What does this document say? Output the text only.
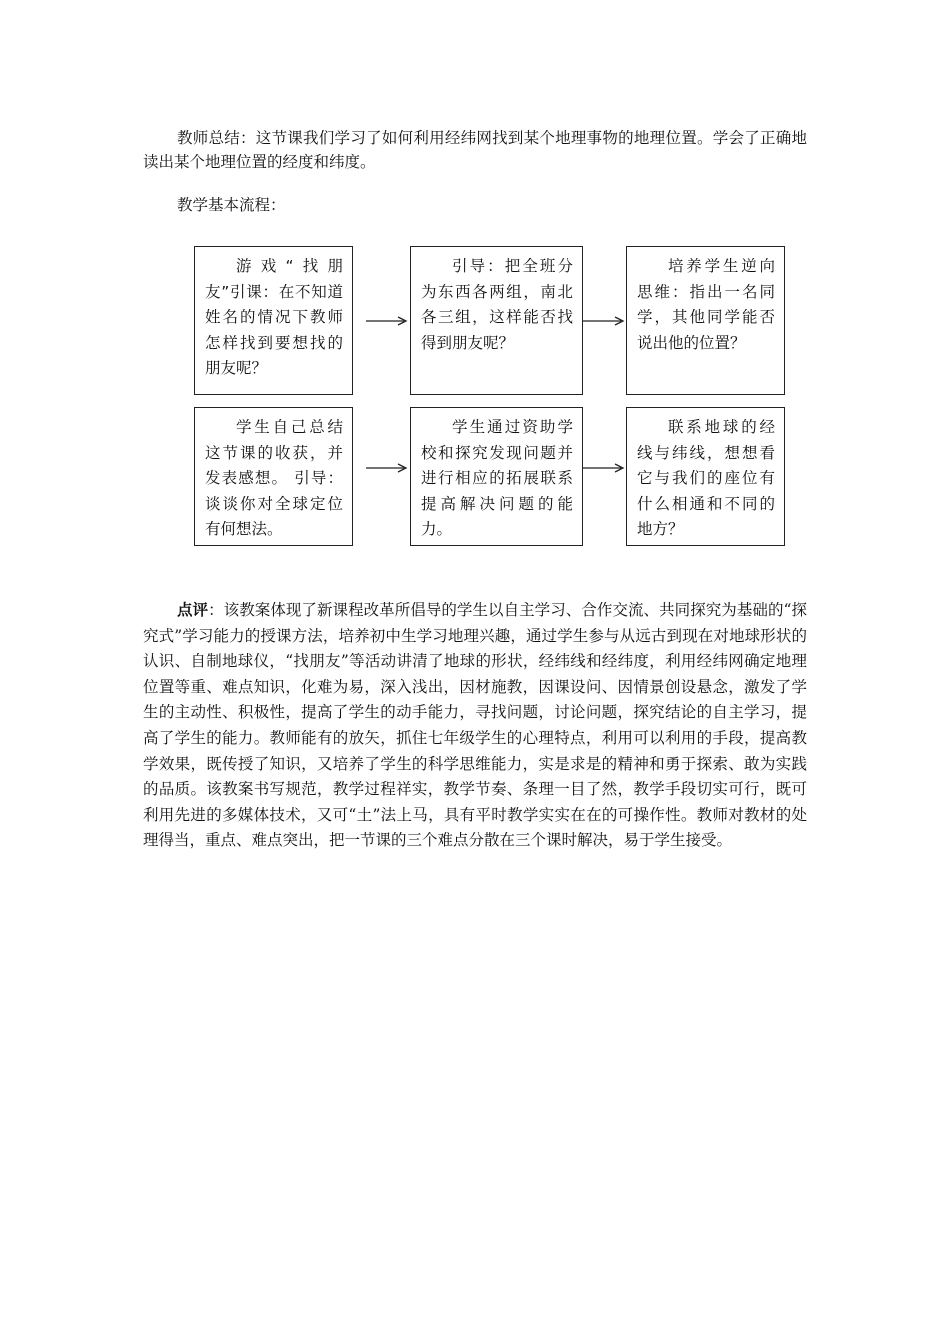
教师总结：这节课我们学习了如何利用经纬网找到某个地理事物的地理位置。学会了正确地读出某个地理位置的经度和纬度。

教学基本流程：
游戏“找朋友”引课：在不知道姓名的情况下教师怎样找到要想找的朋友呢？
引导：把全班分为东西各两组，南北各三组，这样能否找得到朋友呢？
培养学生逆向思维：指出一名同学，其他同学能否说出他的位置？
学生自己总结这节课的收获，并发表感想。 引导：谈谈你对全球定位有何想法。
学生通过资助学校和探究发现问题并进行相应的拓展联系提高解决问题的能力。
联系地球的经线与纬线，想想看它与我们的座位有什么相通和不同的地方？

点评：该教案体现了新课程改革所倡导的学生以自主学习、合作交流、共同探究为基础的“探究式”学习能力的授课方法，培养初中生学习地理兴趣，通过学生参与从远古到现在对地球形状的认识、自制地球仪，“找朋友”等活动讲清了地球的形状，经纬线和经纬度，利用经纬网确定地理位置等重、难点知识，化难为易，深入浅出，因材施教，因课设问、因情景创设悬念，激发了学生的主动性、积极性，提高了学生的动手能力，寻找问题，讨论问题，探究结论的自主学习，提高了学生的能力。教师能有的放矢，抓住七年级学生的心理特点，利用可以利用的手段，提高教学效果，既传授了知识，又培养了学生的科学思维能力，实是求是的精神和勇于探索、敢为实践的品质。该教案书写规范，教学过程祥实，教学节奏、条理一目了然，教学手段切实可行，既可利用先进的多媒体技术，又可“土”法上马，具有平时教学实实在在的可操作性。教师对教材的处理得当，重点、难点突出，把一节课的三个难点分散在三个课时解决，易于学生接受。
